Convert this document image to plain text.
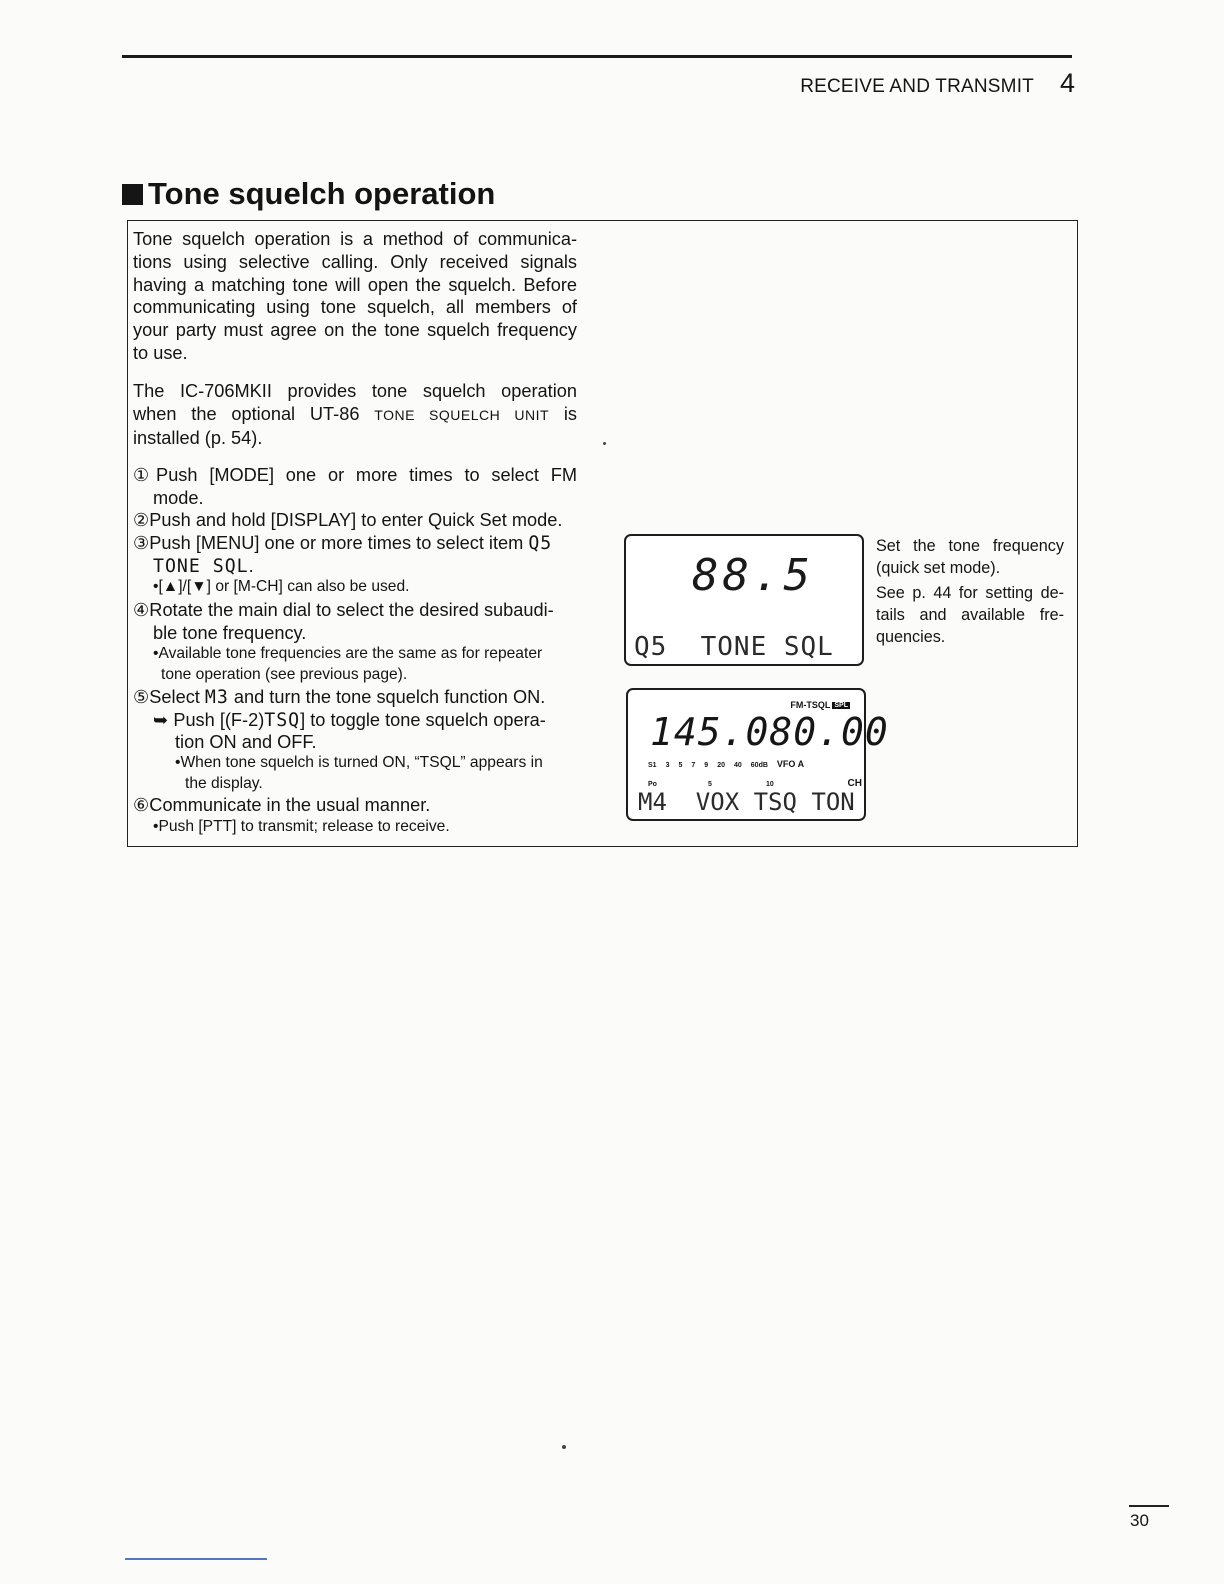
RECEIVE AND TRANSMIT 4
Tone squelch operation
Tone squelch operation is a method of communica-
tions using selective calling. Only received signals
having a matching tone will open the squelch. Before
communicating using tone squelch, all members of
your party must agree on the tone squelch frequency
to use.
The IC-706MKII provides tone squelch operation
when the optional UT-86 TONE SQUELCH UNIT is
installed (p. 54).
①Push [MODE] one or more times to select FM
mode.
②Push and hold [DISPLAY] to enter Quick Set mode.
③Push [MENU] one or more times to select item Q5
TONE SQL.
•[▲]/[▼] or [M-CH] can also be used.
④Rotate the main dial to select the desired subaudi-
ble tone frequency.
•Available tone frequencies are the same as for repeater
tone operation (see previous page).
⑤Select M3 and turn the tone squelch function ON.
➥ Push [(F-2)TSQ] to toggle tone squelch opera-
tion ON and OFF.
•When tone squelch is turned ON, “TSQL” appears in
the display.
⑥Communicate in the usual manner.
•Push [PTT] to transmit; release to receive.
88.5
Q5  TONE SQL
FM-TSQL SPL
145.080.00
S1 3 5 7 9 20 40 60dB VFO A
Po	5	10	CH
M4  VOX TSQ TON
Set the tone frequency
(quick set mode).
See p. 44 for setting de-
tails and available fre-
quencies.
30
